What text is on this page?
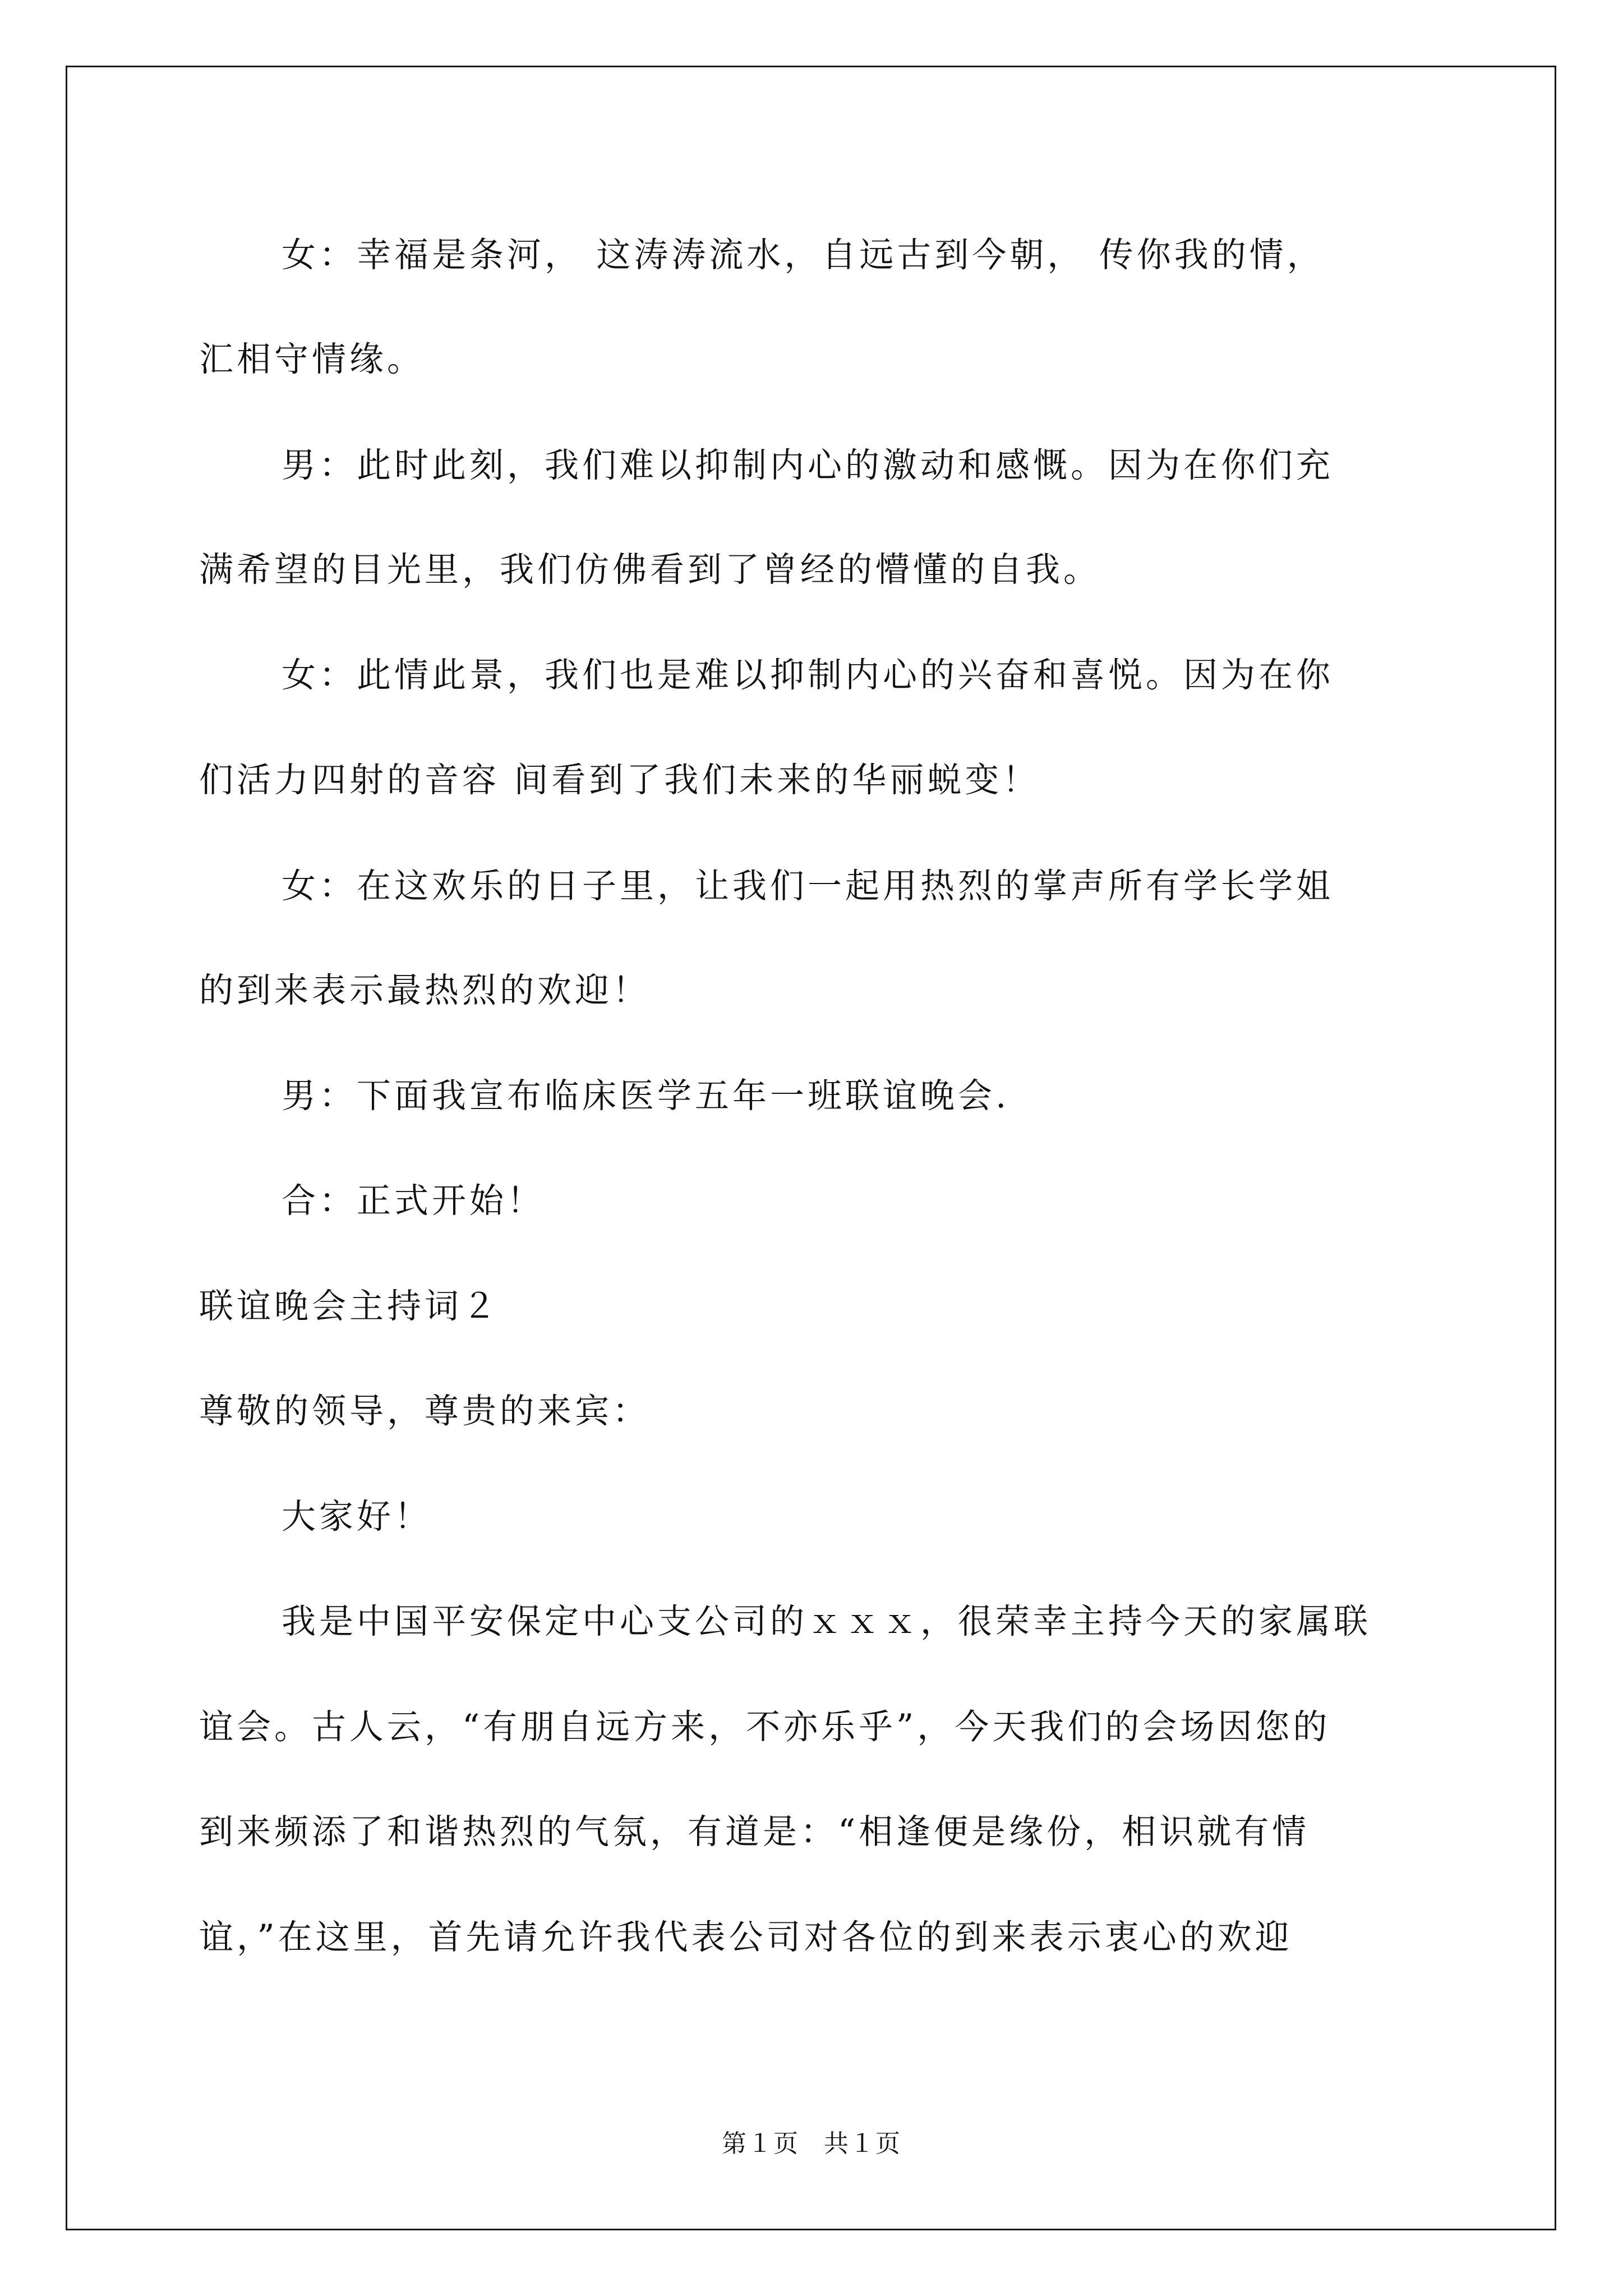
女：幸福是条河， 这涛涛流水，自远古到今朝， 传你我的情，
汇相守情缘。
男：此时此刻，我们难以抑制内心的激动和感慨。因为在你们充
满希望的目光里，我们仿佛看到了曾经的懵懂的自我。
女：此情此景，我们也是难以抑制内心的兴奋和喜悦。因为在你
们活力四射的音容 间看到了我们未来的华丽蜕变！
女：在这欢乐的日子里，让我们一起用热烈的掌声所有学长学姐
的到来表示最热烈的欢迎！
男：下面我宣布临床医学五年一班联谊晚会.
合：正式开始！
联谊晚会主持词２
尊敬的领导，尊贵的来宾：
大家好！
我是中国平安保定中心支公司的ｘｘｘ，很荣幸主持今天的家属联
谊会。古人云，“有朋自远方来，不亦乐乎”，今天我们的会场因您的
到来频添了和谐热烈的气氛，有道是：“相逢便是缘份，相识就有情
谊，”在这里，首先请允许我代表公司对各位的到来表示衷心的欢迎
第１页 共１页
